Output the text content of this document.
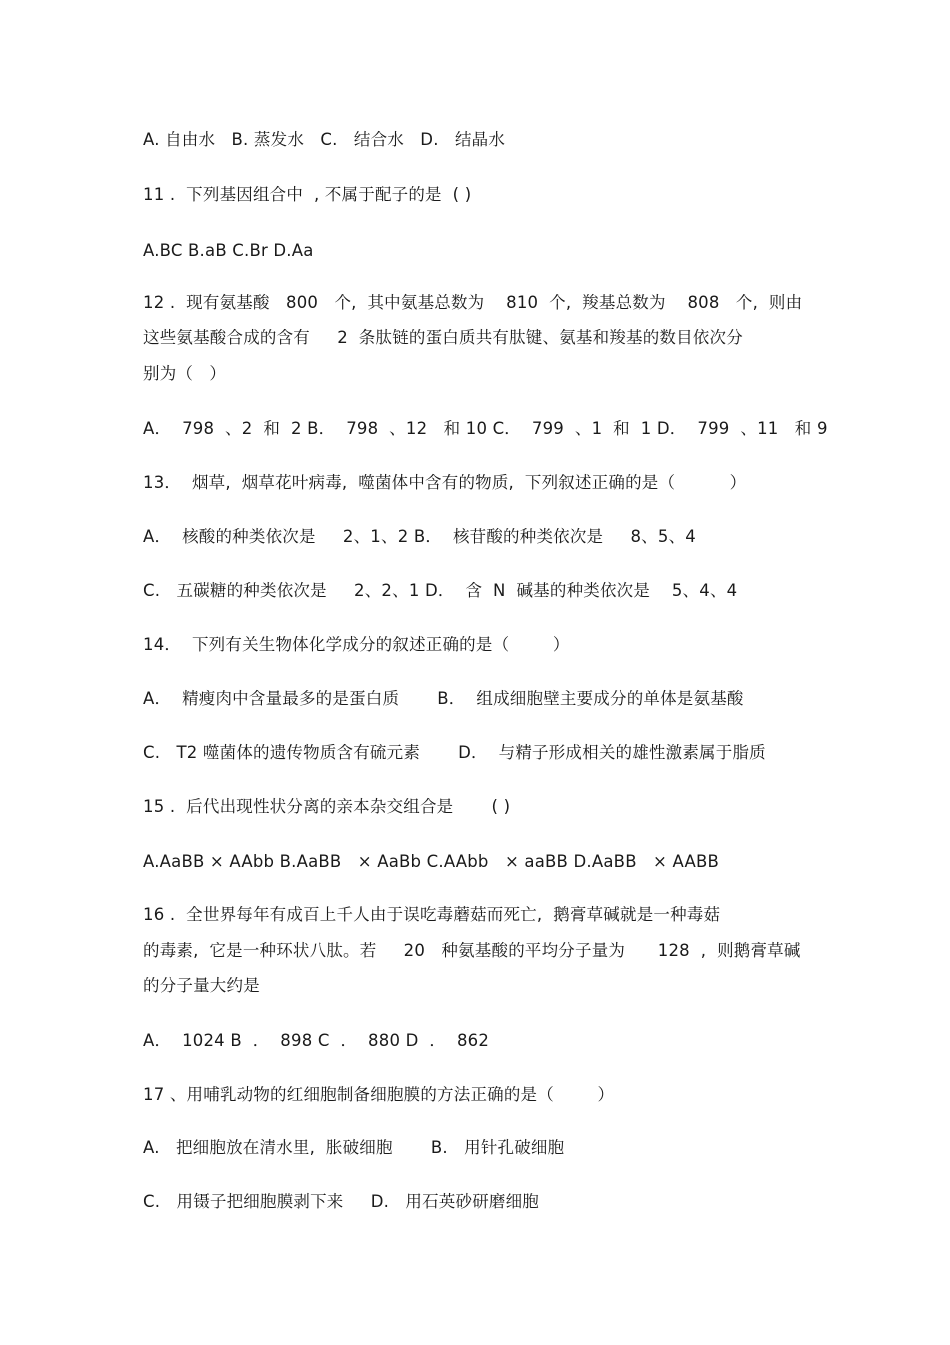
A. 自由水   B. 蒸发水   C.   结合水   D.   结晶水
11 .  下列基因组合中  , 不属于配子的是  ( )
A.BC B.aB C.Br D.Aa
12 .  现有氨基酸   800   个,  其中氨基总数为    810  个,  羧基总数为    808   个,  则由
这些氨基酸合成的含有     2  条肽链的蛋白质共有肽键、氨基和羧基的数目依次分
别为（   ）
A．  798  、2  和  2 B．  798  、12   和 10 C．  799  、1  和  1 D．  799  、11   和 9
13．  烟草,  烟草花叶病毒,  噬菌体中含有的物质,  下列叙述正确的是（          ）
A．  核酸的种类依次是     2、1、2 B．  核苷酸的种类依次是     8、5、4
C.   五碳糖的种类依次是     2、2、1 D．  含  N  碱基的种类依次是    5、4、4
14．  下列有关生物体化学成分的叙述正确的是（        ）
A．  精瘦肉中含量最多的是蛋白质       B．  组成细胞壁主要成分的单体是氨基酸
C.   T2 噬菌体的遗传物质含有硫元素       D．  与精子形成相关的雄性激素属于脂质
15 .  后代出现性状分离的亲本杂交组合是       ( )
A.AaBB × AAbb B.AaBB   × AaBb C.AAbb   × aaBB D.AaBB   × AABB
16 .  全世界每年有成百上千人由于误吃毒蘑菇而死亡,  鹅膏草碱就是一种毒菇
的毒素,  它是一种环状八肽。若     20   种氨基酸的平均分子量为      128  ,  则鹅膏草碱
的分子量大约是
A．  1024 B  ．  898 C  ．  880 D  ．  862
17 、用哺乳动物的红细胞制备细胞膜的方法正确的是（        ）
A.   把细胞放在清水里,  胀破细胞       B.   用针孔破细胞
C.   用镊子把细胞膜剥下来     D.   用石英砂研磨细胞
